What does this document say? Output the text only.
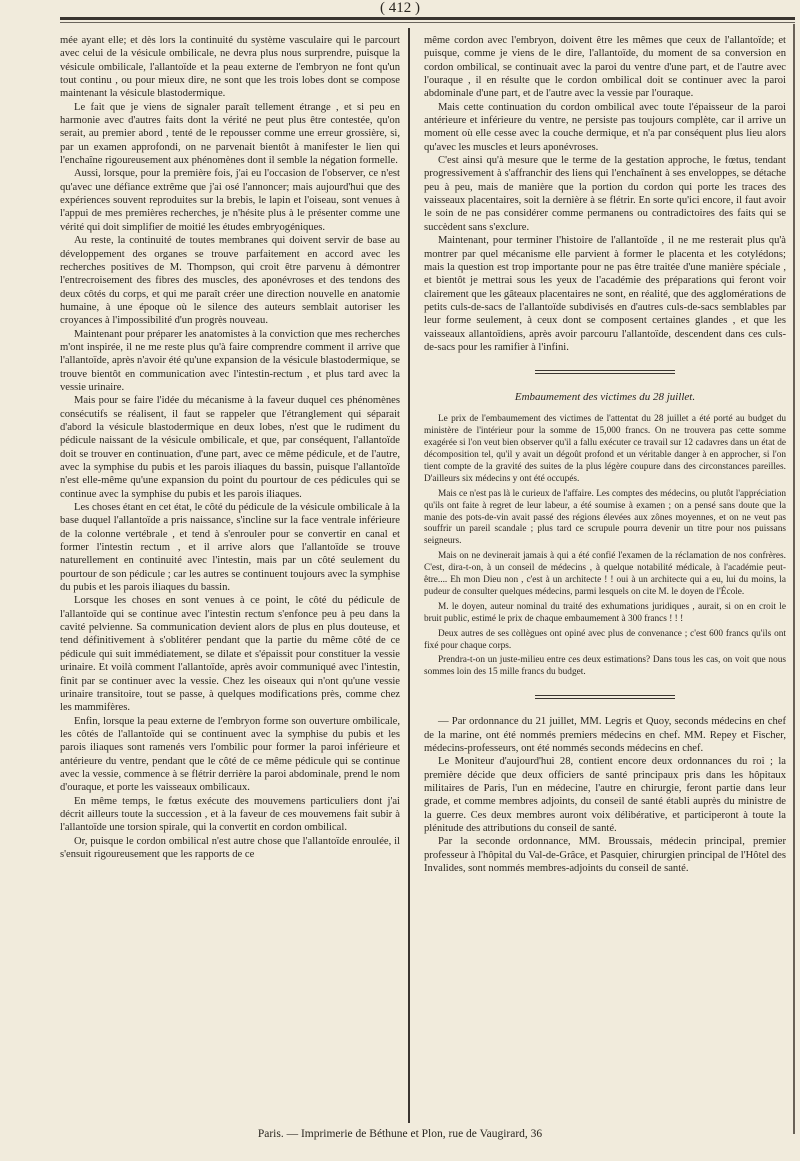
( 412 )

mée ayant elle; et dès lors la continuité du système vasculaire qui le parcourt avec celui de la vésicule ombilicale, ne devra plus nous surprendre, puisque la vésicule ombilicale, l'allantoïde et la peau externe de l'embryon ne font qu'un tout continu , ou pour mieux dire, ne sont que les trois lobes dont se compose maintenant la vésicule blastodermique.

Le fait que je viens de signaler paraît tellement étrange , et si peu en harmonie avec d'autres faits dont la vérité ne peut plus être contestée, qu'on serait, au premier abord , tenté de le repousser comme une erreur grossière, si, par un examen approfondi, on ne parvenait bientôt à manifester le lien qui l'enchaîne rigoureusement aux phénomènes dont il semble la négation formelle.

Aussi, lorsque, pour la première fois, j'ai eu l'occasion de l'observer, ce n'est qu'avec une défiance extrême que j'ai osé l'annoncer; mais aujourd'hui que des expériences souvent reproduites sur la brebis, le lapin et l'oiseau, sont venues à l'appui de mes premières recherches, je n'hésite plus à le présenter comme une vérité qui doit simplifier de moitié les études embryogéniques.

Au reste, la continuité de toutes membranes qui doivent servir de base au développement des organes se trouve parfaitement en accord avec les recherches positives de M. Thompson, qui croit être parvenu à démontrer l'entrecroisement des fibres des muscles, des aponévroses et des tendons des deux côtés du corps, et qui me paraît créer une direction nouvelle en anatomie humaine, à une époque où le silence des auteurs semblait autoriser les croyances à l'impossibilité d'un progrès nouveau.

Maintenant pour préparer les anatomistes à la conviction que mes recherches m'ont inspirée, il ne me reste plus qu'à faire comprendre comment il arrive que l'allantoïde, après n'avoir été qu'une expansion de la vésicule blastodermique, se trouve bientôt en communication avec l'intestin-rectum , et plus tard avec la vessie urinaire.

Mais pour se faire l'idée du mécanisme à la faveur duquel ces phénomènes consécutifs se réalisent, il faut se rappeler que l'étranglement qui séparait d'abord la vésicule blastodermique en deux lobes, n'est que le rudiment du pédicule naissant de la vésicule ombilicale, et que, par conséquent, l'allantoïde doit se trouver en continuation, d'une part, avec ce même pédicule, et de l'autre, avec la symphise du pubis et les parois iliaques du bassin, puisque l'allantoïde n'est elle-même qu'une expansion du point du pourtour de ces pédicules qui se continue avec la symphise du pubis et les parois iliaques.

Les choses étant en cet état, le côté du pédicule de la vésicule ombilicale à la base duquel l'allantoïde a pris naissance, s'incline sur la face ventrale inférieure de la colonne vertébrale , et tend à s'enrouler pour se convertir en canal et former l'intestin rectum , et il arrive alors que l'allantoïde se trouve naturellement en continuité avec l'intestin, mais par un côté seulement du pourtour de son pédicule ; car les autres se continuent toujours avec la symphise du pubis et les parois iliaques du bassin.

Lorsque les choses en sont venues à ce point, le côté du pédicule de l'allantoïde qui se continue avec l'intestin rectum s'enfonce peu à peu dans la cavité pelvienne. Sa communication devient alors de plus en plus douteuse, et tend définitivement à s'oblitérer pendant que la partie du même côté de ce pédicule qui suit immédiatement, se dilate et s'épaissit pour constituer la vessie urinaire. Et voilà comment l'allantoïde, après avoir communiqué avec l'intestin, finit par se continuer avec la vessie. Chez les oiseaux qui n'ont qu'une vessie urinaire transitoire, tout se passe, à quelques modifications près, comme chez les mammifères.

Enfin, lorsque la peau externe de l'embryon forme son ouverture ombilicale, les côtés de l'allantoïde qui se continuent avec la symphise du pubis et les parois iliaques sont ramenés vers l'ombilic pour former la paroi inférieure et antérieure du ventre, pendant que le côté de ce même pédicule qui se continue avec la vessie, commence à se flétrir derrière la paroi abdominale, prend le nom d'ouraque, et porte les vaisseaux ombilicaux.

En même temps, le fœtus exécute des mouvemens particuliers dont j'ai décrit ailleurs toute la succession , et à la faveur de ces mouvemens fait subir à l'allantoïde une torsion spirale, qui la convertit en cordon ombilical.

Or, puisque le cordon ombilical n'est autre chose que l'allantoïde enroulée, il s'ensuit rigoureusement que les rapports de ce

même cordon avec l'embryon, doivent être les mêmes que ceux de l'allantoïde; et puisque, comme je viens de le dire, l'allantoïde, du moment de sa conversion en cordon ombilical, se continuait avec la paroi du ventre d'une part, et de l'autre avec l'ouraque , il en résulte que le cordon ombilical doit se continuer avec la paroi abdominale d'une part, et de l'autre avec la vessie par l'ouraque.

Mais cette continuation du cordon ombilical avec toute l'épaisseur de la paroi antérieure et inférieure du ventre, ne persiste pas toujours complète, car il arrive un moment où elle cesse avec la couche dermique, et n'a par conséquent plus lieu alors qu'avec les muscles et leurs aponévroses.

C'est ainsi qu'à mesure que le terme de la gestation approche, le fœtus, tendant progressivement à s'affranchir des liens qui l'enchaînent à ses enveloppes, se détache peu à peu, mais de manière que la portion du cordon qui porte les traces des vaisseaux placentaires, soit la dernière à se flétrir. En sorte qu'ici encore, il faut avoir le soin de ne pas considérer comme permanens ou contradictoires des faits qui se succèdent sans s'exclure.

Maintenant, pour terminer l'histoire de l'allantoïde , il ne me resterait plus qu'à montrer par quel mécanisme elle parvient à former le placenta et les cotylédons; mais la question est trop importante pour ne pas être traitée d'une manière spéciale , et bientôt je mettrai sous les yeux de l'académie des préparations qui feront voir clairement que les gâteaux placentaires ne sont, en réalité, que des agglomérations de petits culs-de-sacs de l'allantoïde subdivisés en d'autres culs-de-sacs semblables par leur forme seulement, à ceux dont se composent certaines glandes , et que les vaisseaux allantoïdiens, après avoir parcouru l'allantoïde, descendent dans ces culs-de-sacs pour les ramifier à l'infini.

Embaumement des victimes du 28 juillet.

Le prix de l'embaumement des victimes de l'attentat du 28 juillet a été porté au budget du ministère de l'intérieur pour la somme de 15,000 francs. On ne trouvera pas cette somme exagérée si l'on veut bien observer qu'il a fallu exécuter ce travail sur 12 cadavres dans un état de décomposition tel, qu'il y avait un dégoût profond et un véritable danger à en approcher, si l'on tient compte de la gravité des suites de la plus légère coupure dans des circonstances pareilles. D'ailleurs six médecins y ont été occupés.

Mais ce n'est pas là le curieux de l'affaire. Les comptes des médecins, ou plutôt l'appréciation qu'ils ont faite à regret de leur labeur, a été soumise à examen ; on a pensé sans doute que la manie des pots-de-vin avait passé des régions élevées aux zônes moyennes, et on ne veut pas souffrir un pareil scandale ; plus tard ce scrupule pourra devenir un titre pour nos puissans seigneurs.

Mais on ne devinerait jamais à qui a été confié l'examen de la réclamation de nos confrères. C'est, dira-t-on, à un conseil de médecins , à quelque notabilité médicale, à l'académie peut-être.... Eh mon Dieu non , c'est à un architecte ! ! oui à un architecte qui a eu, lui du moins, la pudeur de consulter quelques médecins, parmi lesquels on cite M. le doyen de l'École.

M. le doyen, auteur nominal du traité des exhumations juridiques , aurait, si on en croit le bruit public, estimé le prix de chaque embaumement à 300 francs ! ! !

Deux autres de ses collègues ont opiné avec plus de convenance ; c'est 600 francs qu'ils ont fixé pour chaque corps.

Prendra-t-on un juste-milieu entre ces deux estimations? Dans tous les cas, on voit que nous sommes loin des 15 mille francs du budget.

— Par ordonnance du 21 juillet, MM. Legris et Quoy, seconds médecins en chef de la marine, ont été nommés premiers médecins en chef. MM. Repey et Fischer, médecins-professeurs, ont été nommés seconds médecins en chef.

Le Moniteur d'aujourd'hui 28, contient encore deux ordonnances du roi ; la première décide que deux officiers de santé principaux pris dans les hôpitaux militaires de Paris, l'un en médecine, l'autre en chirurgie, feront partie dans leur grade, et comme membres adjoints, du conseil de santé établi auprès du ministre de la guerre. Ces deux membres auront voix délibérative, et participeront à toute la plénitude des attributions du conseil de santé.

Par la seconde ordonnance, MM. Broussais, médecin principal, premier professeur à l'hôpital du Val-de-Grâce, et Pasquier, chirurgien principal de l'Hôtel des Invalides, sont nommés membres-adjoints du conseil de santé.

Paris. — Imprimerie de Béthune et Plon, rue de Vaugirard, 36
